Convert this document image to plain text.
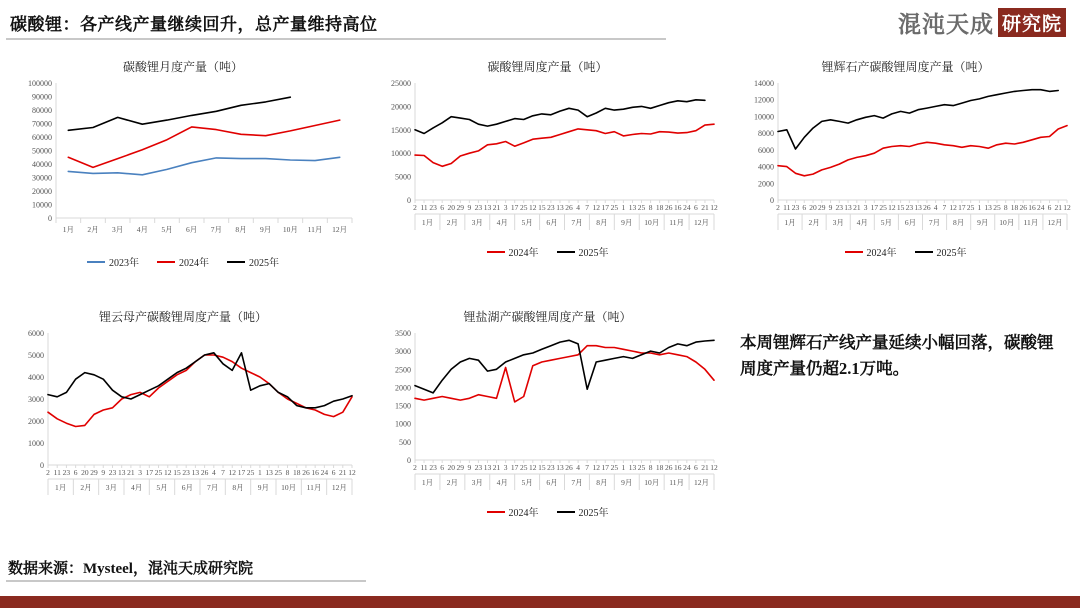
碳酸锂：各产线产量继续回升，总产量维持高位	混沌天成 研究院
碳酸锂月度产量（吨）
0
10000
20000
30000
40000
50000
60000
70000
80000
90000
100000
1月 2月 3月 4月 5月 6月 7月 8月 9月 10月 11月 12月
2023年	2024年	2025年
碳酸锂周度产量（吨）
0
5000
10000
15000
20000
25000
2 11 23 6 20 29 9 23 13 21 3 17 25 12 15 23 13 26 4 7 12 17 25 1 13 25 8 18 26 16 24 6 21 12
1月 2月 3月 4月 5月 6月 7月 8月 9月 10月 11月 12月
2024年	2025年
锂辉石产碳酸锂周度产量（吨）
0
2000
4000
6000
8000
10000
12000
14000
2 11 23 6 20 29 9 23 13 21 3 17 25 12 15 23 13 26 4 7 12 17 25 1 13 25 8 18 26 16 24 6 21 12
1月 2月 3月 4月 5月 6月 7月 8月 9月 10月 11月 12月
2024年	2025年
锂云母产碳酸锂周度产量（吨）
0
1000
2000
3000
4000
5000
6000
2 11 23 6 20 29 9 23 13 21 3 17 25 12 15 23 13 26 4 7 12 17 25 1 13 25 8 18 26 16 24 6 21 12
1月 2月 3月 4月 5月 6月 7月 8月 9月 10月 11月 12月
锂盐湖产碳酸锂周度产量（吨）
0
500
1000
1500
2000
2500
3000
3500
2 11 23 6 20 29 9 23 13 21 3 17 25 12 15 23 13 26 4 7 12 17 25 1 13 25 8 18 26 16 24 6 21 12
1月 2月 3月 4月 5月 6月 7月 8月 9月 10月 11月 12月
2024年	2025年
本周锂辉石产线产量延续小幅回落，碳酸锂周度产量仍超2.1万吨。
数据来源：Mysteel，混沌天成研究院
